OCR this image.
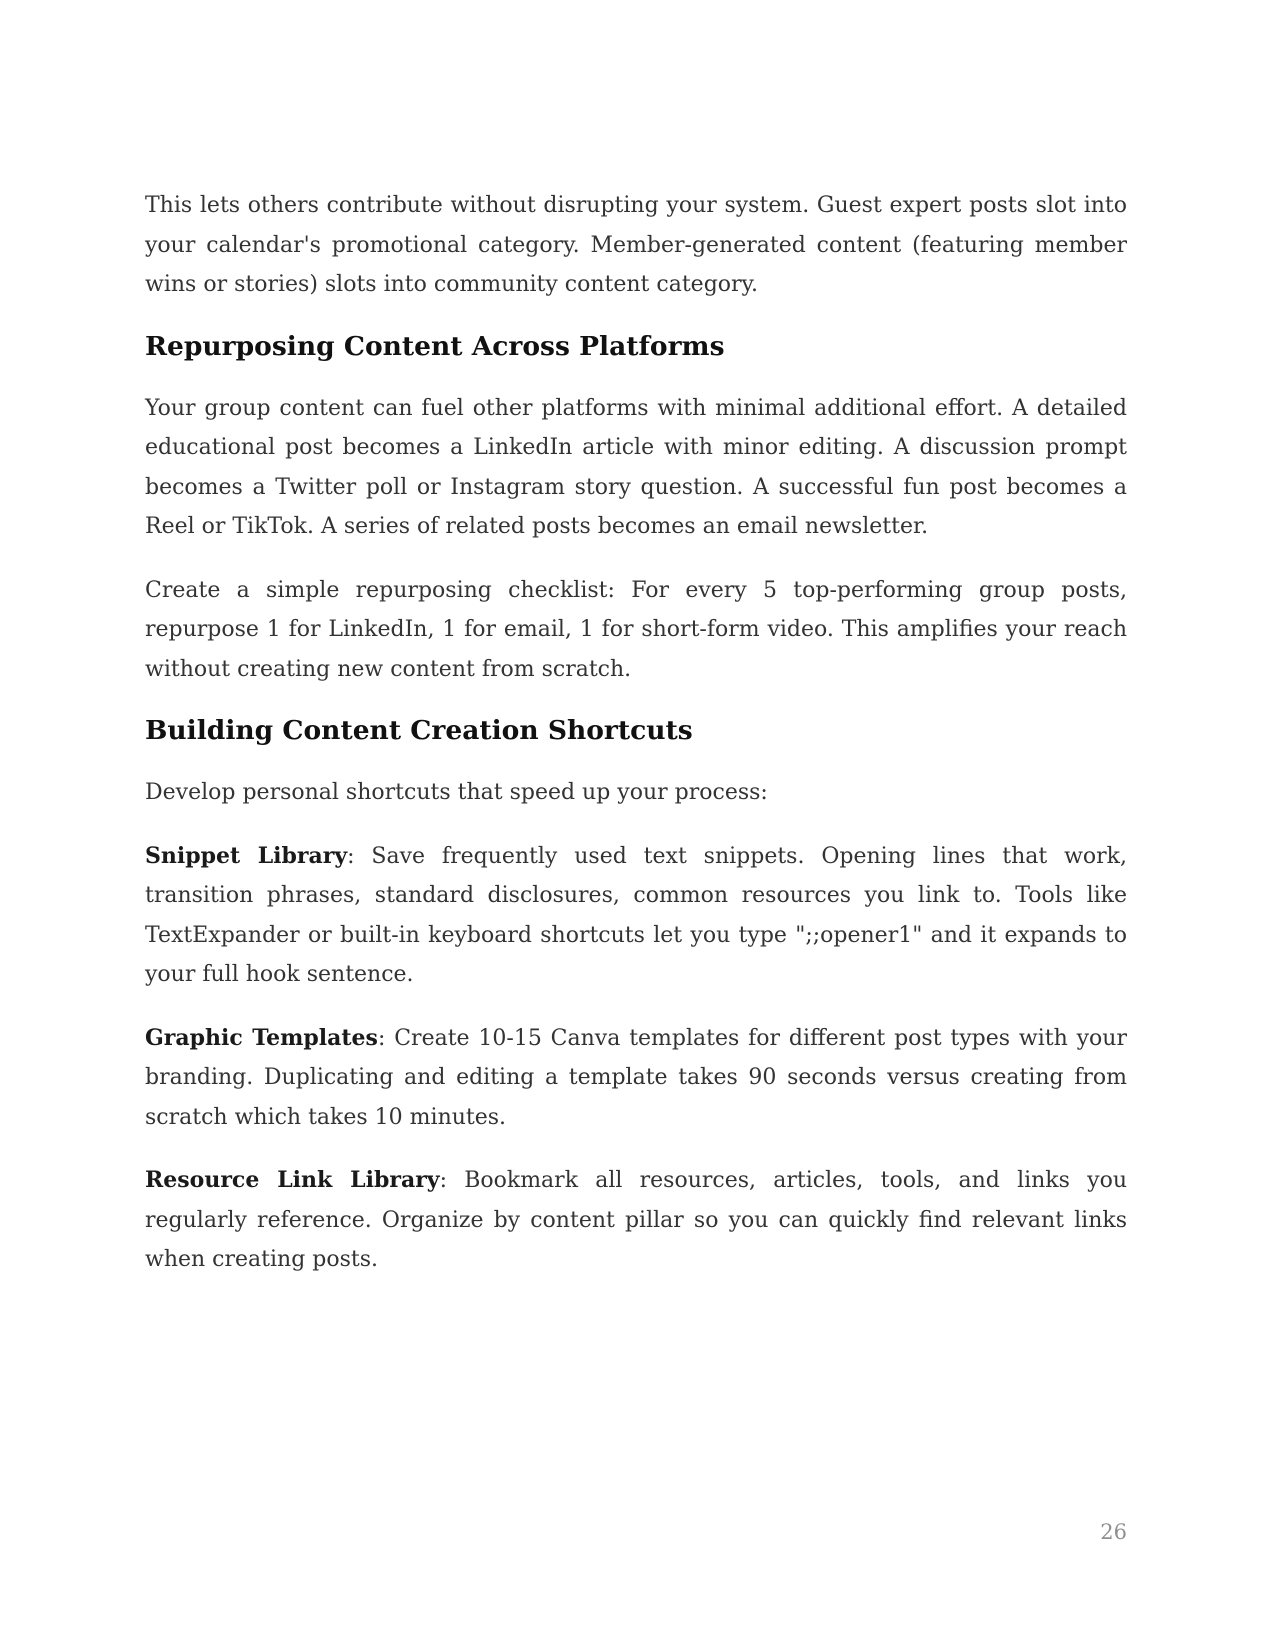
This lets others contribute without disrupting your system. Guest expert posts slot into your calendar's promotional category. Member-generated content (featuring member wins or stories) slots into community content category.

Repurposing Content Across Platforms

Your group content can fuel other platforms with minimal additional effort. A detailed educational post becomes a LinkedIn article with minor editing. A discussion prompt becomes a Twitter poll or Instagram story question. A successful fun post becomes a Reel or TikTok. A series of related posts becomes an email newsletter.

Create a simple repurposing checklist: For every 5 top-performing group posts, repurpose 1 for LinkedIn, 1 for email, 1 for short-form video. This amplifies your reach without creating new content from scratch.

Building Content Creation Shortcuts

Develop personal shortcuts that speed up your process:

Snippet Library: Save frequently used text snippets. Opening lines that work, transition phrases, standard disclosures, common resources you link to. Tools like TextExpander or built-in keyboard shortcuts let you type ";;opener1" and it expands to your full hook sentence.

Graphic Templates: Create 10-15 Canva templates for different post types with your branding. Duplicating and editing a template takes 90 seconds versus creating from scratch which takes 10 minutes.

Resource Link Library: Bookmark all resources, articles, tools, and links you regularly reference. Organize by content pillar so you can quickly find relevant links when creating posts.

26
